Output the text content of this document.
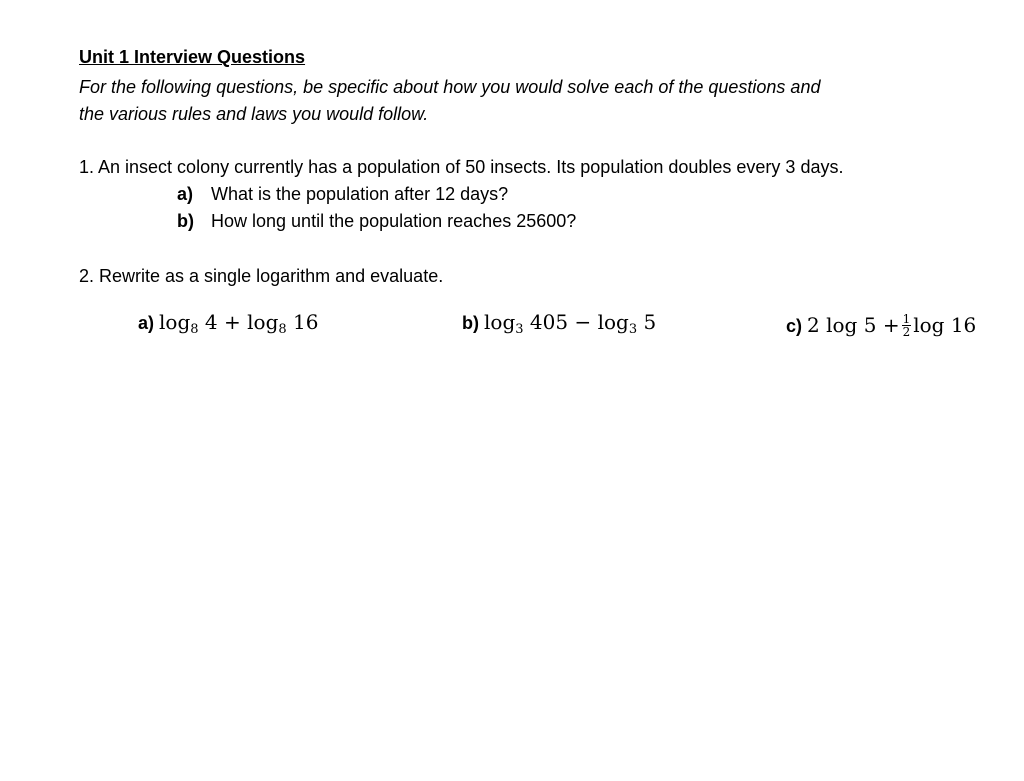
Unit 1 Interview Questions
For the following questions, be specific about how you would solve each of the questions and
the various rules and laws you would follow.
1. An insect colony currently has a population of 50 insects. Its population doubles every 3 days.
a) What is the population after 12 days?
b) How long until the population reaches 25600?
2. Rewrite as a single logarithm and evaluate.
a) $\log_8 4 + \log_8 16$	b) $\log_3 405 - \log_3 5$	c) 2 $\log 5 + \frac{1}{2}$ log 16
